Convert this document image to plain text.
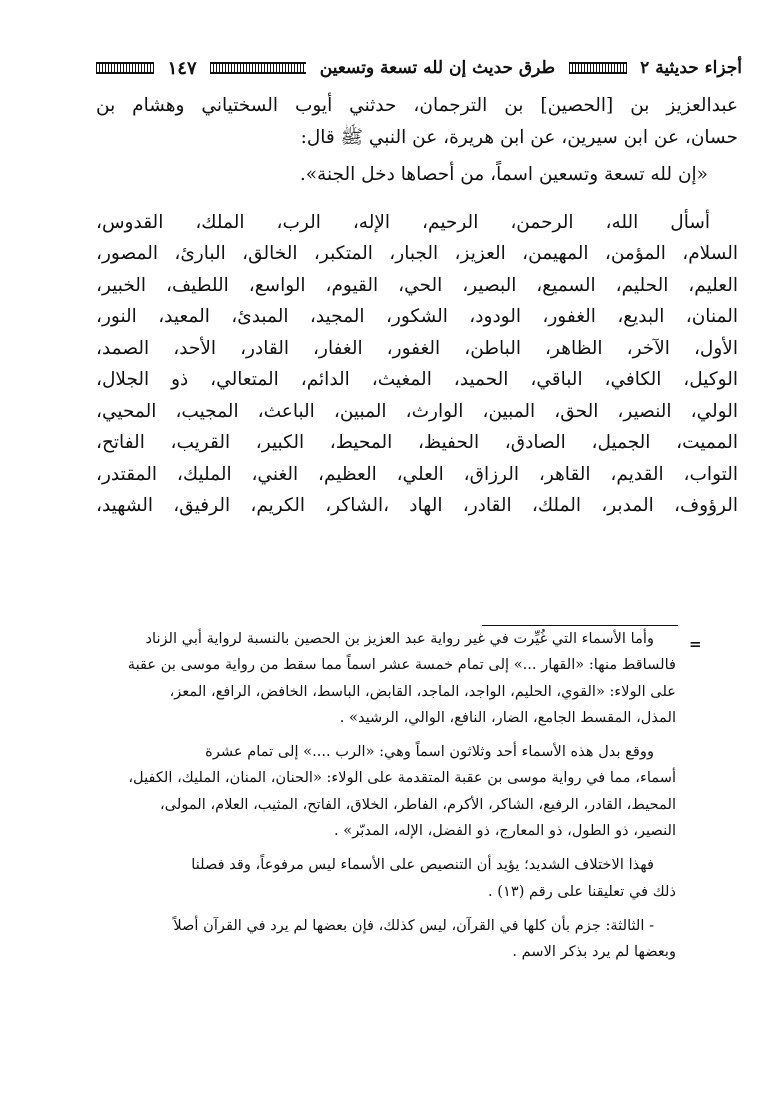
أجزاء حديثية ٢
طرق حديث إن لله تسعة وتسعين
١٤٧

عبدالعزيز بن [الحصين] بن الترجمان، حدثني أيوب السختياني وهشام بن

حسان، عن ابن سيرين، عن ابن هريرة، عن النبي ﷺ قال:

«إن لله تسعة وتسعين اسماً، من أحصاها دخل الجنة».

أسأل الله، الرحمن، الرحيم، الإله، الرب، الملك، القدوس،

السلام، المؤمن، المهيمن، العزيز، الجبار، المتكبر، الخالق، البارئ، المصور،

العليم، الحليم، السميع، البصير، الحي، القيوم، الواسع، اللطيف، الخبير،

المنان، البديع، الغفور، الودود، الشكور، المجيد، المبدئ، المعيد، النور،

الأول، الآخر، الظاهر، الباطن، الغفور، الغفار، القادر، الأحد، الصمد،

الوكيل، الكافي، الباقي، الحميد، المغيث، الدائم، المتعالي، ذو الجلال،

الولي، النصير، الحق، المبين، الوارث، المبين، الباعث، المجيب، المحيي،

المميت، الجميل، الصادق، الحفيظ، المحيط، الكبير، القريب، الفاتح،

التواب، القديم، القاهر، الرزاق، العلي، العظيم، الغني، المليك، المقتدر،

الرؤوف، المدبر، الملك، القادر، الهاد ،الشاكر، الكريم، الرفيق، الشهيد،

=

وأما الأسماء التي غُيِّرت في غير رواية عبد العزيز بن الحصين بالنسبة لرواية أبي الزناد

فالساقط منها: «القهار ...» إلى تمام خمسة عشر اسماً مما سقط من رواية موسى بن عقبة

على الولاء: «القوي، الحليم، الواجد، الماجد، القابض، الباسط، الخافض، الرافع، المعز،

المذل، المقسط الجامع، الضار، النافع، الوالي، الرشيد» .

ووقع بدل هذه الأسماء أحد وثلاثون اسماً وهي: «الرب ....» إلى تمام عشرة

أسماء، مما في رواية موسى بن عقبة المتقدمة على الولاء: «الحنان، المنان، المليك، الكفيل،

المحيط، القادر، الرفيع، الشاكر، الأكرم، الفاطر، الخلاق، الفاتح، المثيب، العلام، المولى،

النصير، ذو الطول، ذو المعارج، ذو الفضل، الإله، المدبّر» .

فهذا الاختلاف الشديد؛ يؤيد أن التنصيص على الأسماء ليس مرفوعاً، وقد فصلنا

ذلك في تعليقنا على رقم (١٣) .

- الثالثة: جزم بأن كلها في القرآن، ليس كذلك، فإن بعضها لم يرد في القرآن أصلاً

وبعضها لم يرد بذكر الاسم .
